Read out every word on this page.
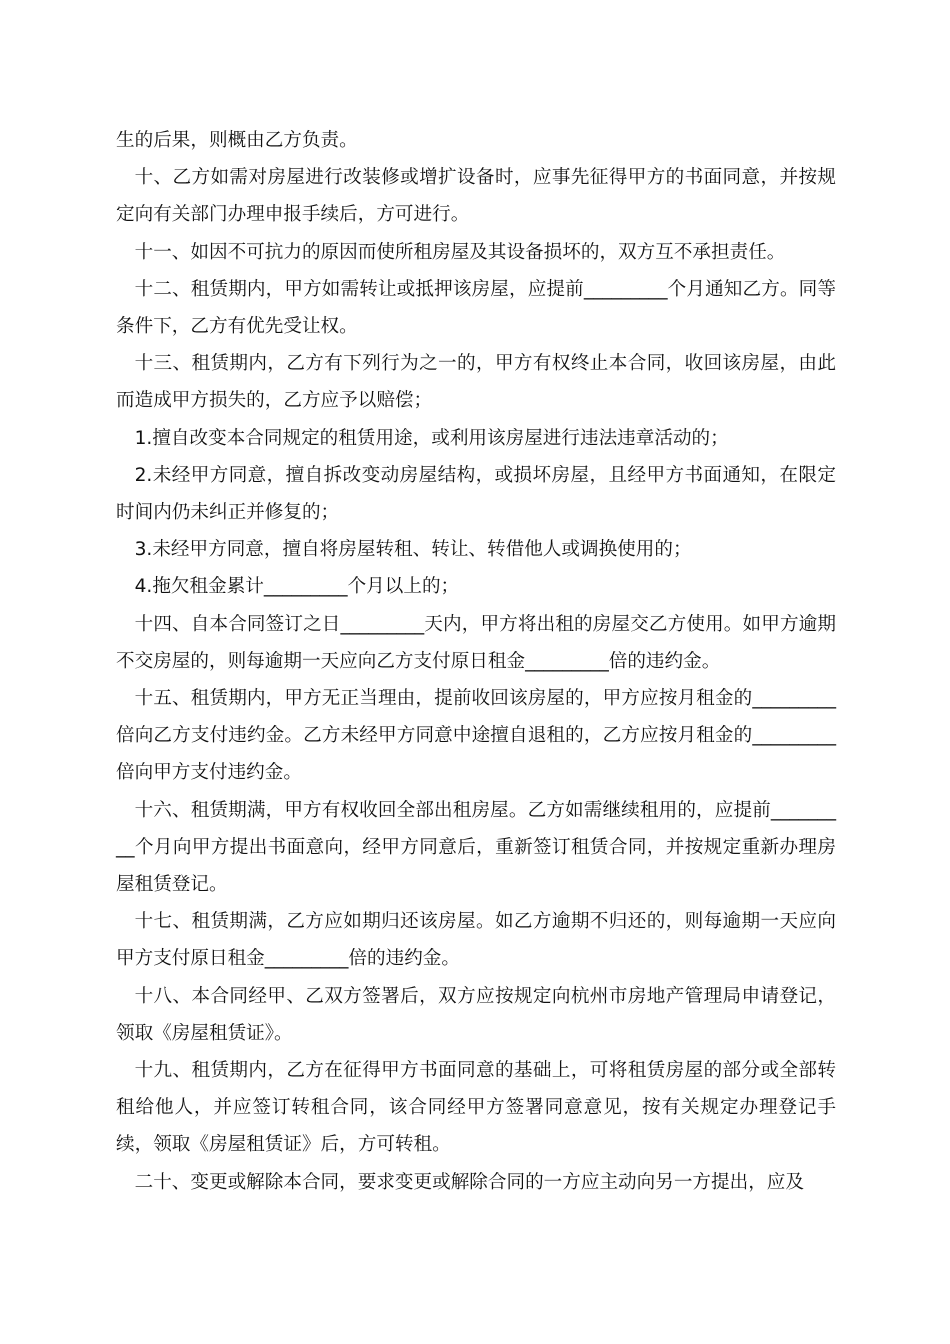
生的后果，则概由乙方负责。

十、乙方如需对房屋进行改装修或增扩设备时，应事先征得甲方的书面同意，并按规定向有关部门办理申报手续后，方可进行。

十一、如因不可抗力的原因而使所租房屋及其设备损坏的，双方互不承担责任。

十二、租赁期内，甲方如需转让或抵押该房屋，应提前_________个月通知乙方。同等条件下，乙方有优先受让权。

十三、租赁期内，乙方有下列行为之一的，甲方有权终止本合同，收回该房屋，由此而造成甲方损失的，乙方应予以赔偿；

1.擅自改变本合同规定的租赁用途，或利用该房屋进行违法违章活动的；

2.未经甲方同意，擅自拆改变动房屋结构，或损坏房屋，且经甲方书面通知，在限定时间内仍未纠正并修复的；

3.未经甲方同意，擅自将房屋转租、转让、转借他人或调换使用的；

4.拖欠租金累计_________个月以上的；

十四、自本合同签订之日_________天内，甲方将出租的房屋交乙方使用。如甲方逾期不交房屋的，则每逾期一天应向乙方支付原日租金_________倍的违约金。

十五、租赁期内，甲方无正当理由，提前收回该房屋的，甲方应按月租金的_________倍向乙方支付违约金。乙方未经甲方同意中途擅自退租的，乙方应按月租金的_________倍向甲方支付违约金。

十六、租赁期满，甲方有权收回全部出租房屋。乙方如需继续租用的，应提前_________个月向甲方提出书面意向，经甲方同意后，重新签订租赁合同，并按规定重新办理房屋租赁登记。

十七、租赁期满，乙方应如期归还该房屋。如乙方逾期不归还的，则每逾期一天应向甲方支付原日租金_________倍的违约金。

十八、本合同经甲、乙双方签署后，双方应按规定向杭州市房地产管理局申请登记，领取《房屋租赁证》。

十九、租赁期内，乙方在征得甲方书面同意的基础上，可将租赁房屋的部分或全部转租给他人，并应签订转租合同，该合同经甲方签署同意意见，按有关规定办理登记手续，领取《房屋租赁证》后，方可转租。

二十、变更或解除本合同，要求变更或解除合同的一方应主动向另一方提出，应及
